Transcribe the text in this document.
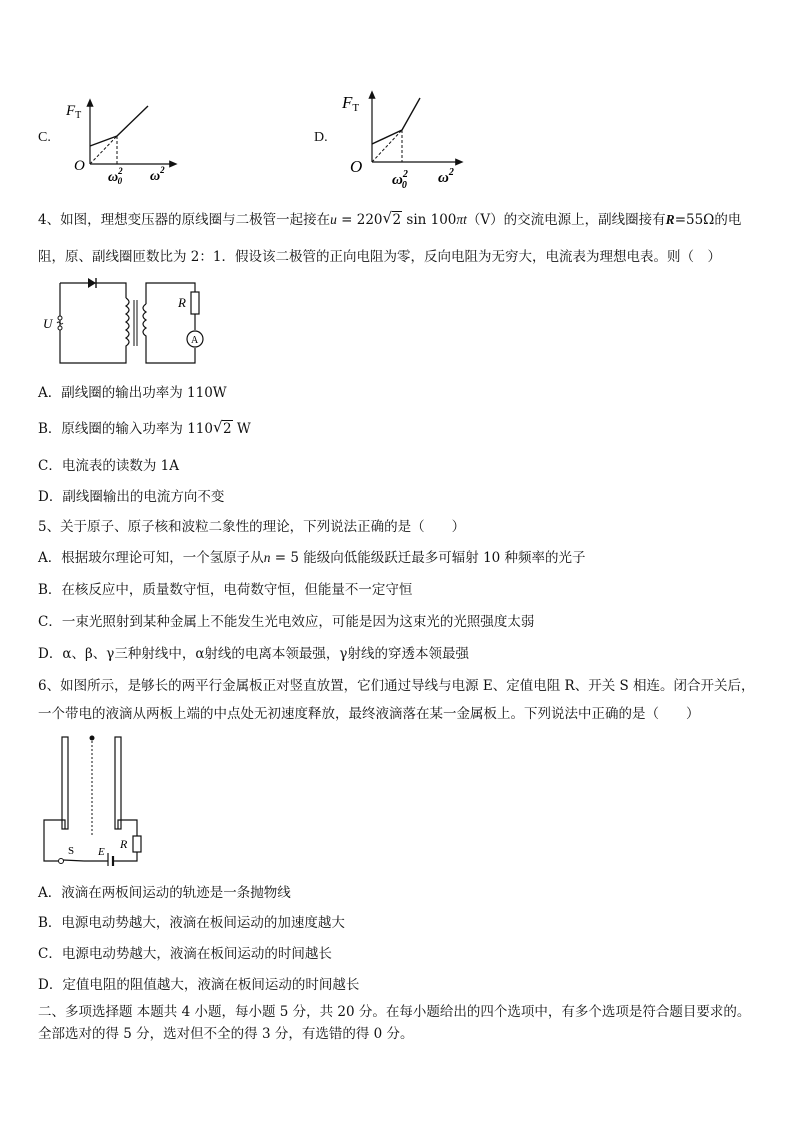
C.
$F_T$
O
$\omega^2$ 0 $\omega^2$
D.
FT
O
$\omega^2$ 0 $\omega^2$
4、如图，理想变压器的原线圈与二极管一起接在u = 220 √ 2 sin 100πt（V）的交流电源上，副线圈接有R=55Ω的电
阻，原、副线圈匝数比为 2：1．假设该二极管的正向电阻为零，反向电阻为无穷大，电流表为理想电表。则（　）
U
R
A
A．副线圈的输出功率为 110W
B．原线圈的输入功率为 110 √ 2 W
C．电流表的读数为 1A
D．副线圈输出的电流方向不变
5、关于原子、原子核和波粒二象性的理论，下列说法正确的是（　　）
A．根据玻尔理论可知，一个氢原子从n = 5 能级向低能级跃迁最多可辐射 10 种频率的光子
B．在核反应中，质量数守恒，电荷数守恒，但能量不一定守恒
C．一束光照射到某种金属上不能发生光电效应，可能是因为这束光的光照强度太弱
D．α、β、γ三种射线中，α射线的电离本领最强，γ射线的穿透本领最强
6、如图所示，是够长的两平行金属板正对竖直放置，它们通过导线与电源 E、定值电阻 R、开关 S 相连。闭合开关后，
一个带电的液滴从两板上端的中点处无初速度释放，最终液滴落在某一金属板上。下列说法中正确的是（　　）
R
S E
A．液滴在两板间运动的轨迹是一条抛物线
B．电源电动势越大，液滴在板间运动的加速度越大
C．电源电动势越大，液滴在板间运动的时间越长
D．定值电阻的阻值越大，液滴在板间运动的时间越长
二、多项选择题 本题共 4 小题，每小题 5 分，共 20 分。在每小题给出的四个选项中，有多个选项是符合题目要求的。
全部选对的得 5 分，选对但不全的得 3 分，有选错的得 0 分。
